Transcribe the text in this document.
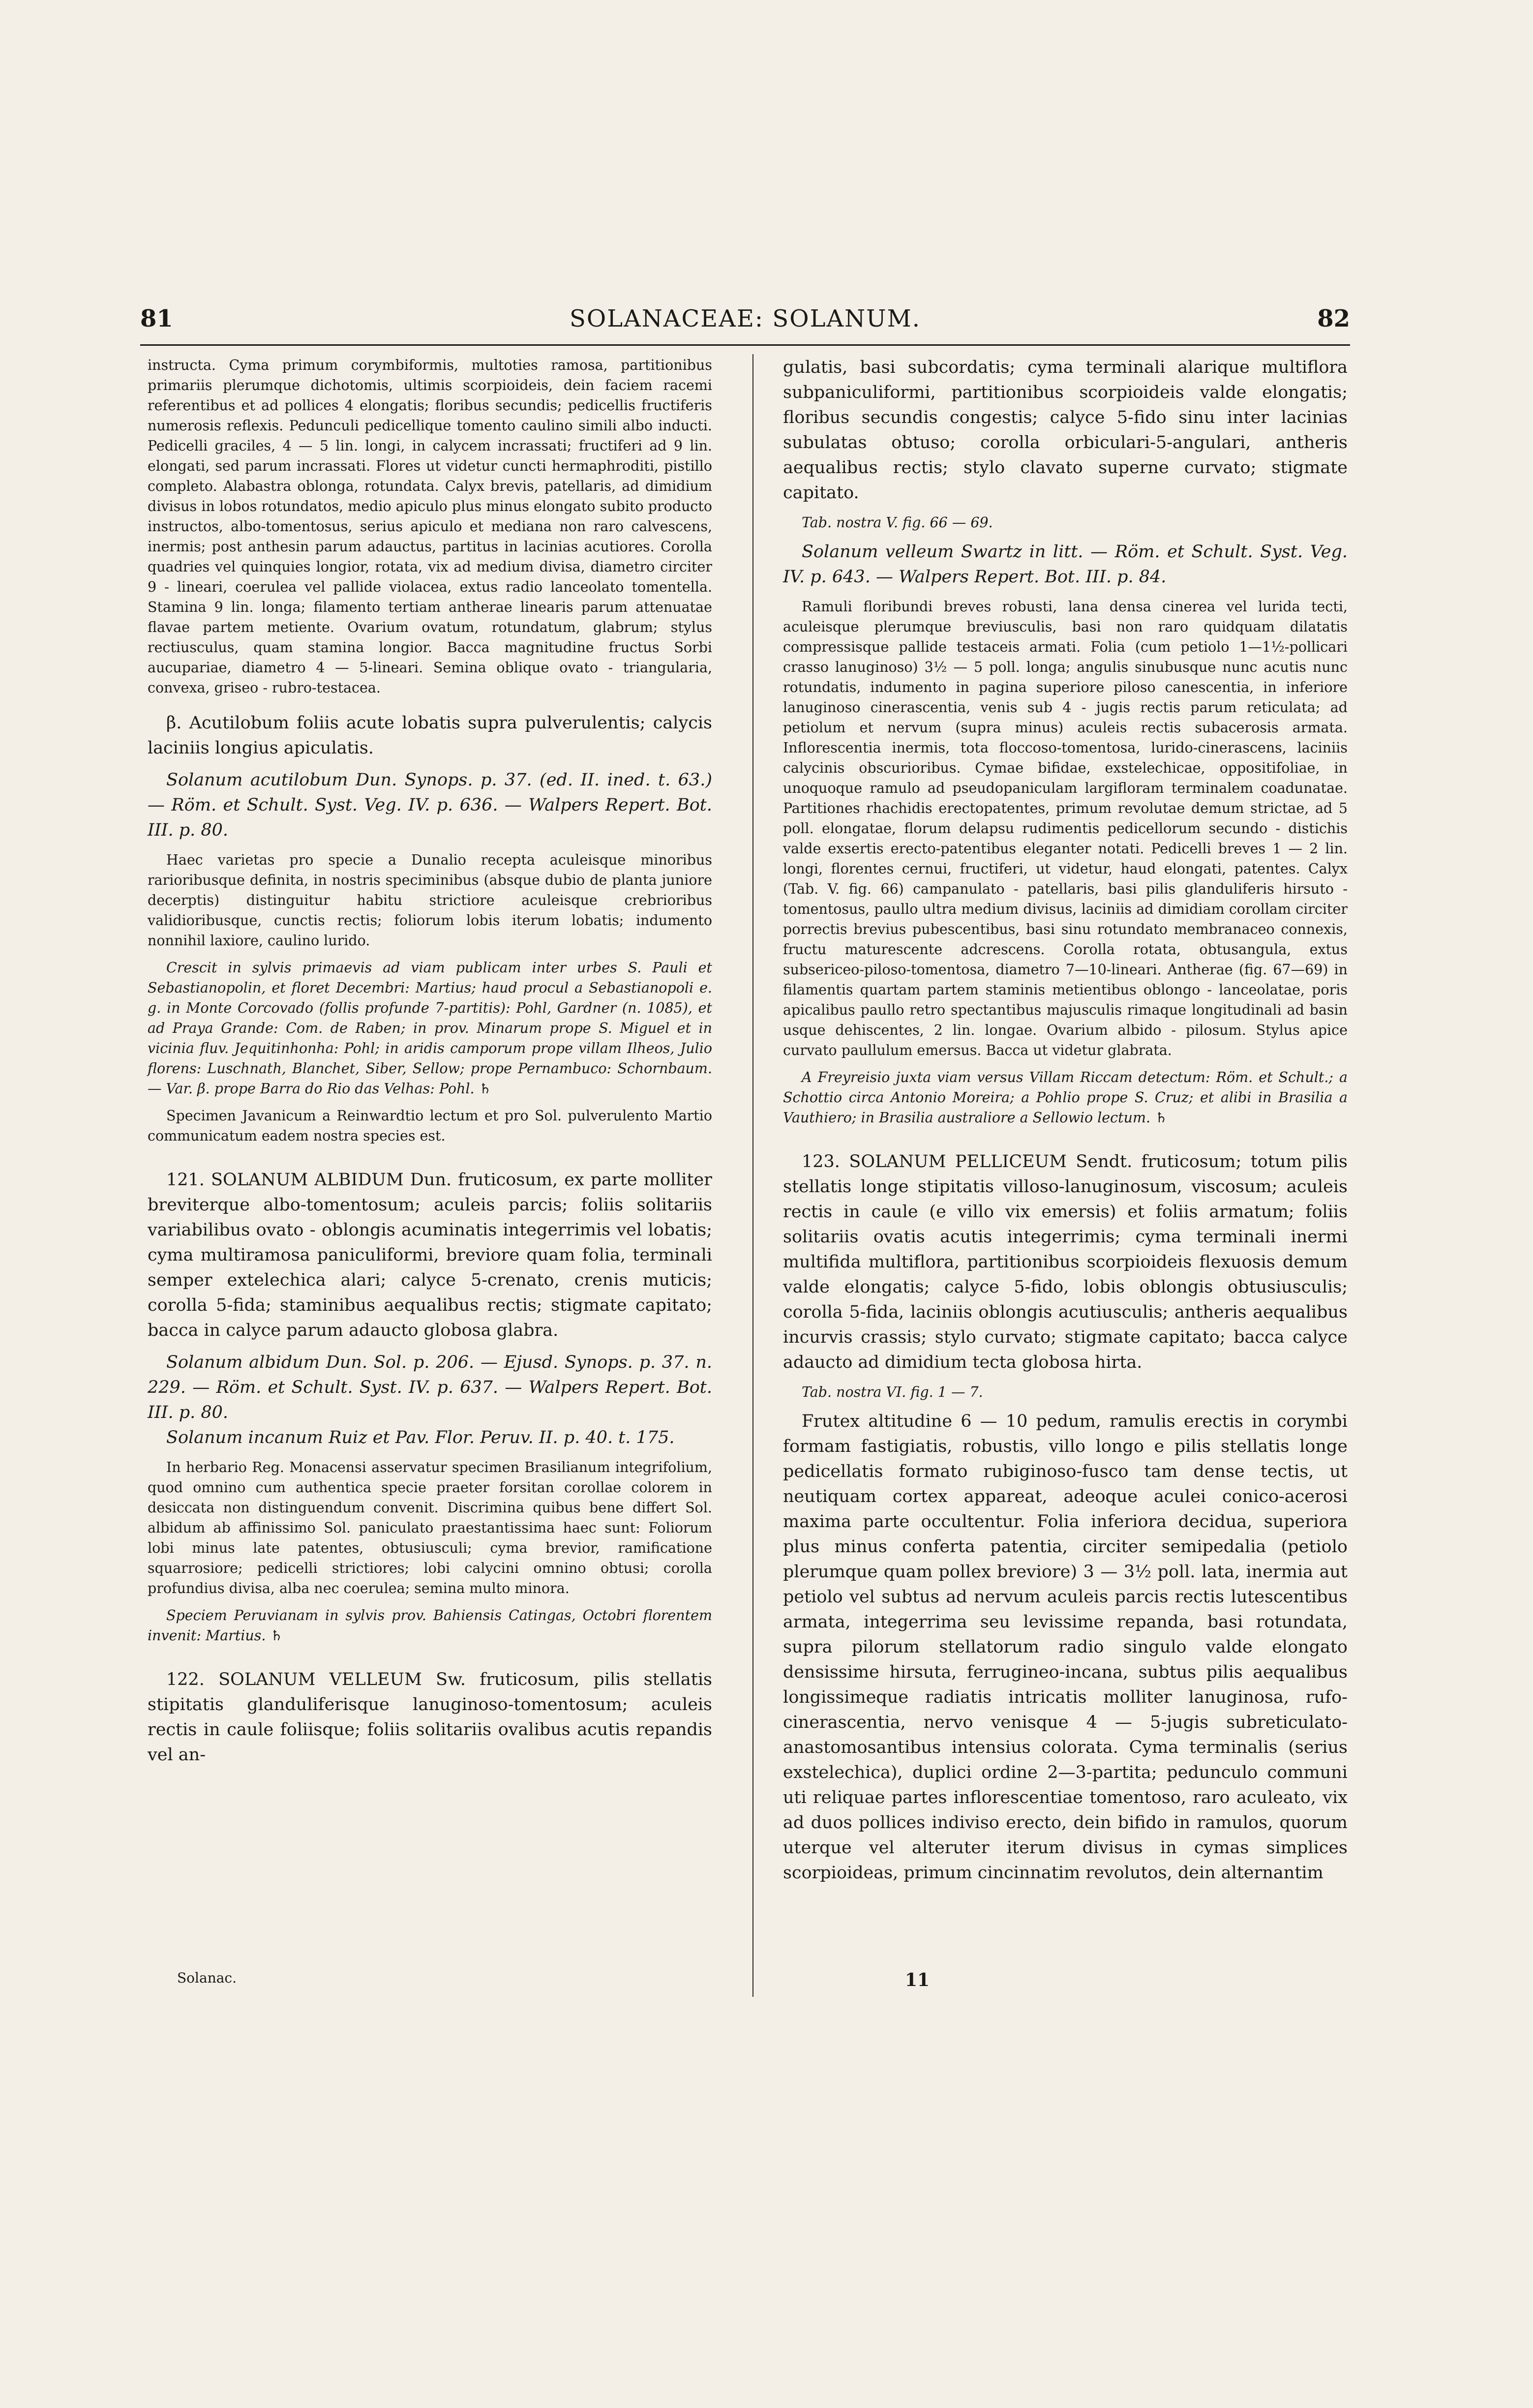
81	SOLANACEAE: SOLANUM.	82

instructa. Cyma primum corymbiformis, multoties ramosa, partitionibus primariis plerumque dichotomis, ultimis scorpioideis, dein faciem racemi referentibus et ad pollices 4 elongatis; floribus secundis; pedicellis fructiferis numerosis reflexis. Pedunculi pedicellique tomento caulino simili albo inducti. Pedicelli graciles, 4 — 5 lin. longi, in calycem incrassati; fructiferi ad 9 lin. elongati, sed parum incrassati. Flores ut videtur cuncti hermaphroditi, pistillo completo. Alabastra oblonga, rotundata. Calyx brevis, patellaris, ad dimidium divisus in lobos rotundatos, medio apiculo plus minus elongato subito producto instructos, albo-tomentosus, serius apiculo et mediana non raro calvescens, inermis; post anthesin parum adauctus, partitus in lacinias acutiores. Corolla quadries vel quinquies longior, rotata, vix ad medium divisa, diametro circiter 9 - lineari, coerulea vel pallide violacea, extus radio lanceolato tomentella. Stamina 9 lin. longa; filamento tertiam antherae linearis parum attenuatae flavae partem metiente. Ovarium ovatum, rotundatum, glabrum; stylus rectiusculus, quam stamina longior. Bacca magnitudine fructus Sorbi aucupariae, diametro 4 — 5-lineari. Semina oblique ovato - triangularia, convexa, griseo - rubro-testacea.

β. Acutilobum foliis acute lobatis supra pulverulentis; calycis laciniis longius apiculatis.

Solanum acutilobum Dun. Synops. p. 37. (ed. II. ined. t. 63.) — Röm. et Schult. Syst. Veg. IV. p. 636. — Walpers Repert. Bot. III. p. 80.

Haec varietas pro specie a Dunalio recepta aculeisque minoribus rarioribusque definita, in nostris speciminibus (absque dubio de planta juniore decerptis) distinguitur habitu strictiore aculeisque crebrioribus validioribusque, cunctis rectis; foliorum lobis iterum lobatis; indumento nonnihil laxiore, caulino lurido.

Crescit in sylvis primaevis ad viam publicam inter urbes S. Pauli et Sebastianopolin, et floret Decembri: Martius; haud procul a Sebastianopoli e. g. in Monte Corcovado (follis profunde 7-partitis): Pohl, Gardner (n. 1085), et ad Praya Grande: Com. de Raben; in prov. Minarum prope S. Miguel et in vicinia fluv. Jequitinhonha: Pohl; in aridis camporum prope villam Ilheos, Julio florens: Luschnath, Blanchet, Siber, Sellow; prope Pernambuco: Schornbaum. — Var. β. prope Barra do Rio das Velhas: Pohl. ♄

Specimen Javanicum a Reinwardtio lectum et pro Sol. pulverulento Martio communicatum eadem nostra species est.

121. SOLANUM ALBIDUM Dun. fruticosum, ex parte molliter breviterque albo-tomentosum; aculeis parcis; foliis solitariis variabilibus ovato - oblongis acuminatis integerrimis vel lobatis; cyma multiramosa paniculiformi, breviore quam folia, terminali semper extelechica alari; calyce 5-crenato, crenis muticis; corolla 5-fida; staminibus aequalibus rectis; stigmate capitato; bacca in calyce parum adaucto globosa glabra.

Solanum albidum Dun. Sol. p. 206. — Ejusd. Synops. p. 37. n. 229. — Röm. et Schult. Syst. IV. p. 637. — Walpers Repert. Bot. III. p. 80.

Solanum incanum Ruiz et Pav. Flor. Peruv. II. p. 40. t. 175.

In herbario Reg. Monacensi asservatur specimen Brasilianum integrifolium, quod omnino cum authentica specie praeter forsitan corollae colorem in desiccata non distinguendum convenit. Discrimina quibus bene differt Sol. albidum ab affinissimo Sol. paniculato praestantissima haec sunt: Foliorum lobi minus late patentes, obtusiusculi; cyma brevior, ramificatione squarrosiore; pedicelli strictiores; lobi calycini omnino obtusi; corolla profundius divisa, alba nec coerulea; semina multo minora.

Speciem Peruvianam in sylvis prov. Bahiensis Catingas, Octobri florentem invenit: Martius. ♄

122. SOLANUM VELLEUM Sw. fruticosum, pilis stellatis stipitatis glanduliferisque lanuginoso-tomentosum; aculeis rectis in caule foliisque; foliis solitariis ovalibus acutis repandis vel an-

gulatis, basi subcordatis; cyma terminali alarique multiflora subpaniculiformi, partitionibus scorpioideis valde elongatis; floribus secundis congestis; calyce 5-fido sinu inter lacinias subulatas obtuso; corolla orbiculari-5-angulari, antheris aequalibus rectis; stylo clavato superne curvato; stigmate capitato.

Tab. nostra V. fig. 66 — 69.

Solanum velleum Swartz in litt. — Röm. et Schult. Syst. Veg. IV. p. 643. — Walpers Repert. Bot. III. p. 84.

Ramuli floribundi breves robusti, lana densa cinerea vel lurida tecti, aculeisque plerumque breviusculis, basi non raro quidquam dilatatis compressisque pallide testaceis armati. Folia (cum petiolo 1—1½-pollicari crasso lanuginoso) 3½ — 5 poll. longa; angulis sinubusque nunc acutis nunc rotundatis, indumento in pagina superiore piloso canescentia, in inferiore lanuginoso cinerascentia, venis sub 4 - jugis rectis parum reticulata; ad petiolum et nervum (supra minus) aculeis rectis subacerosis armata. Inflorescentia inermis, tota floccoso-tomentosa, lurido-cinerascens, laciniis calycinis obscurioribus. Cymae biﬁdae, exstelechicae, oppositifoliae, in unoquoque ramulo ad pseudopaniculam largifloram terminalem coadunatae. Partitiones rhachidis erectopatentes, primum revolutae demum strictae, ad 5 poll. elongatae, florum delapsu rudimentis pedicellorum secundo - distichis valde exsertis erecto-patentibus eleganter notati. Pedicelli breves 1 — 2 lin. longi, florentes cernui, fructiferi, ut videtur, haud elongati, patentes. Calyx (Tab. V. fig. 66) campanulato - patellaris, basi pilis glanduliferis hirsuto - tomentosus, paullo ultra medium divisus, laciniis ad dimidiam corollam circiter porrectis brevius pubescentibus, basi sinu rotundato membranaceo connexis, fructu maturescente adcrescens. Corolla rotata, obtusangula, extus subsericeo-piloso-tomentosa, diametro 7—10-lineari. Antherae (fig. 67—69) in filamentis quartam partem staminis metientibus oblongo - lanceolatae, poris apicalibus paullo retro spectantibus majusculis rimaque longitudinali ad basin usque dehiscentes, 2 lin. longae. Ovarium albido - pilosum. Stylus apice curvato paullulum emersus. Bacca ut videtur glabrata.

A Freyreisio juxta viam versus Villam Riccam detectum: Röm. et Schult.; a Schottio circa Antonio Moreira; a Pohlio prope S. Cruz; et alibi in Brasilia a Vauthiero; in Brasilia australiore a Sellowio lectum. ♄

123. SOLANUM PELLICEUM Sendt. fruticosum; totum pilis stellatis longe stipitatis villoso-lanuginosum, viscosum; aculeis rectis in caule (e villo vix emersis) et foliis armatum; foliis solitariis ovatis acutis integerrimis; cyma terminali inermi multifida multiflora, partitionibus scorpioideis flexuosis demum valde elongatis; calyce 5-fido, lobis oblongis obtusiusculis; corolla 5-fida, laciniis oblongis acutiusculis; antheris aequalibus incurvis crassis; stylo curvato; stigmate capitato; bacca calyce adaucto ad dimidium tecta globosa hirta.

Tab. nostra VI. fig. 1 — 7.

Frutex altitudine 6 — 10 pedum, ramulis erectis in corymbi formam fastigiatis, robustis, villo longo e pilis stellatis longe pedicellatis formato rubiginoso-fusco tam dense tectis, ut neutiquam cortex appareat, adeoque aculei conico-acerosi maxima parte occultentur. Folia inferiora decidua, superiora plus minus conferta patentia, circiter semipedalia (petiolo plerumque quam pollex breviore) 3 — 3½ poll. lata, inermia aut petiolo vel subtus ad nervum aculeis parcis rectis lutescentibus armata, integerrima seu levissime repanda, basi rotundata, supra pilorum stellatorum radio singulo valde elongato densissime hirsuta, ferrugineo-incana, subtus pilis aequalibus longissimeque radiatis intricatis molliter lanuginosa, rufo-cinerascentia, nervo venisque 4 — 5-jugis subreticulato-anastomosantibus intensius colorata. Cyma terminalis (serius exstelechica), duplici ordine 2—3-partita; pedunculo communi uti reliquae partes inflorescentiae tomentoso, raro aculeato, vix ad duos pollices indiviso erecto, dein bifido in ramulos, quorum uterque vel alteruter iterum divisus in cymas simplices scorpioideas, primum cincinnatim revolutos, dein alternantim

Solanac.	11
